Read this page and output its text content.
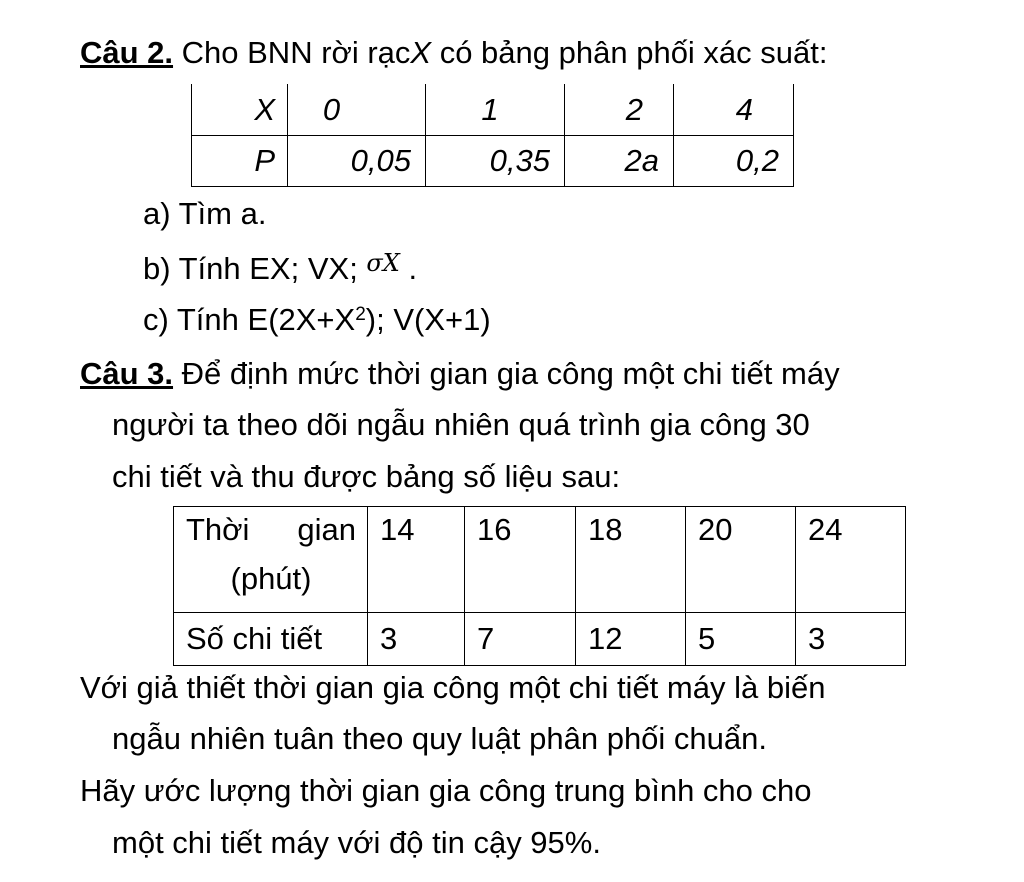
Câu 2. Cho BNN rời rạcX có bảng phân phối xác suất:
X	0	1	2	4
P	0,05	0,35	2a	0,2
a) Tìm a.
b) Tính EX; VX; $^{\sigma X}$ .
c) Tính $E(2X+X^2)$; V(X+1)
Câu 3. Để định mức thời gian gia công một chi tiết máy
người ta theo dõi ngẫu nhiên quá trình gia công 30
chi tiết và thu được bảng số liệu sau:
Thời gian
(phút)	14	16	18	20	24
Số chi tiết	3	7	12	5	3
Với giả thiết thời gian gia công một chi tiết máy là biến
ngẫu nhiên tuân theo quy luật phân phối chuẩn.
Hãy ước lượng thời gian gia công trung bình cho cho
một chi tiết máy với độ tin cậy 95%.
